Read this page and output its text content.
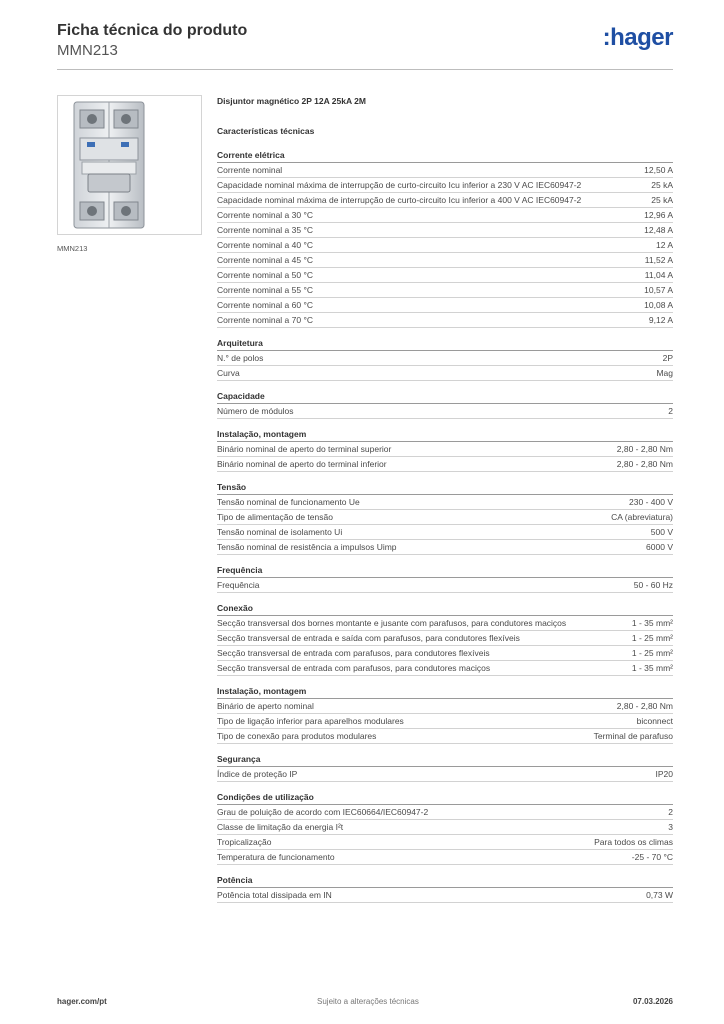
Ficha técnica do produto
MMN213	:hager
MMN213
Disjuntor magnético 2P 12A 25kA 2M
Características técnicas
Corrente elétrica
Corrente nominal	12,50 A
Capacidade nominal máxima de interrupção de curto-circuito Icu inferior a 230 V AC IEC60947-2	25 kA
Capacidade nominal máxima de interrupção de curto-circuito Icu inferior a 400 V AC IEC60947-2	25 kA
Corrente nominal a 30 °C	12,96 A
Corrente nominal a 35 °C	12,48 A
Corrente nominal a 40 °C	12 A
Corrente nominal a 45 °C	11,52 A
Corrente nominal a 50 °C	11,04 A
Corrente nominal a 55 °C	10,57 A
Corrente nominal a 60 °C	10,08 A
Corrente nominal a 70 °C	9,12 A
Arquitetura
N.° de polos	2P
Curva	Mag
Capacidade
Número de módulos	2
Instalação, montagem
Binário nominal de aperto do terminal superior	2,80 - 2,80 Nm
Binário nominal de aperto do terminal inferior	2,80 - 2,80 Nm
Tensão
Tensão nominal de funcionamento Ue	230 - 400 V
Tipo de alimentação de tensão	CA (abreviatura)
Tensão nominal de isolamento Ui	500 V
Tensão nominal de resistência a impulsos Uimp	6000 V
Frequência
Frequência	50 - 60 Hz
Conexão
Secção transversal dos bornes montante e jusante com parafusos, para condutores maciços	1 - 35 mm²
Secção transversal de entrada e saída com parafusos, para condutores flexíveis	1 - 25 mm²
Secção transversal de entrada com parafusos, para condutores flexíveis	1 - 25 mm²
Secção transversal de entrada com parafusos, para condutores maciços	1 - 35 mm²
Instalação, montagem
Binário de aperto nominal	2,80 - 2,80 Nm
Tipo de ligação inferior para aparelhos modulares	biconnect
Tipo de conexão para produtos modulares	Terminal de parafuso
Segurança
Índice de proteção IP	IP20
Condições de utilização
Grau de poluição de acordo com IEC60664/IEC60947-2	2
Classe de limitação da energia I²t	3
Tropicalização	Para todos os climas
Temperatura de funcionamento	-25 - 70 °C
Potência
Potência total dissipada em IN	0,73 W
hager.com/pt	Sujeito a alterações técnicas	07.03.2026
